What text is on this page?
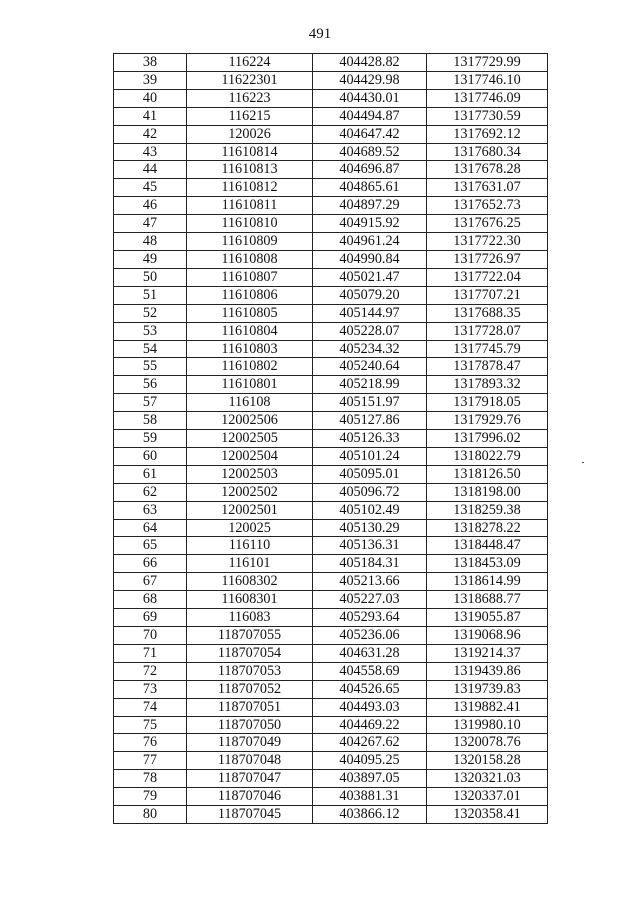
491
38	116224	404428.82	1317729.99
39	11622301	404429.98	1317746.10
40	116223	404430.01	1317746.09
41	116215	404494.87	1317730.59
42	120026	404647.42	1317692.12
43	11610814	404689.52	1317680.34
44	11610813	404696.87	1317678.28
45	11610812	404865.61	1317631.07
46	11610811	404897.29	1317652.73
47	11610810	404915.92	1317676.25
48	11610809	404961.24	1317722.30
49	11610808	404990.84	1317726.97
50	11610807	405021.47	1317722.04
51	11610806	405079.20	1317707.21
52	11610805	405144.97	1317688.35
53	11610804	405228.07	1317728.07
54	11610803	405234.32	1317745.79
55	11610802	405240.64	1317878.47
56	11610801	405218.99	1317893.32
57	116108	405151.97	1317918.05
58	12002506	405127.86	1317929.76
59	12002505	405126.33	1317996.02
60	12002504	405101.24	1318022.79
61	12002503	405095.01	1318126.50
62	12002502	405096.72	1318198.00
63	12002501	405102.49	1318259.38
64	120025	405130.29	1318278.22
65	116110	405136.31	1318448.47
66	116101	405184.31	1318453.09
67	11608302	405213.66	1318614.99
68	11608301	405227.03	1318688.77
69	116083	405293.64	1319055.87
70	118707055	405236.06	1319068.96
71	118707054	404631.28	1319214.37
72	118707053	404558.69	1319439.86
73	118707052	404526.65	1319739.83
74	118707051	404493.03	1319882.41
75	118707050	404469.22	1319980.10
76	118707049	404267.62	1320078.76
77	118707048	404095.25	1320158.28
78	118707047	403897.05	1320321.03
79	118707046	403881.31	1320337.01
80	118707045	403866.12	1320358.41
